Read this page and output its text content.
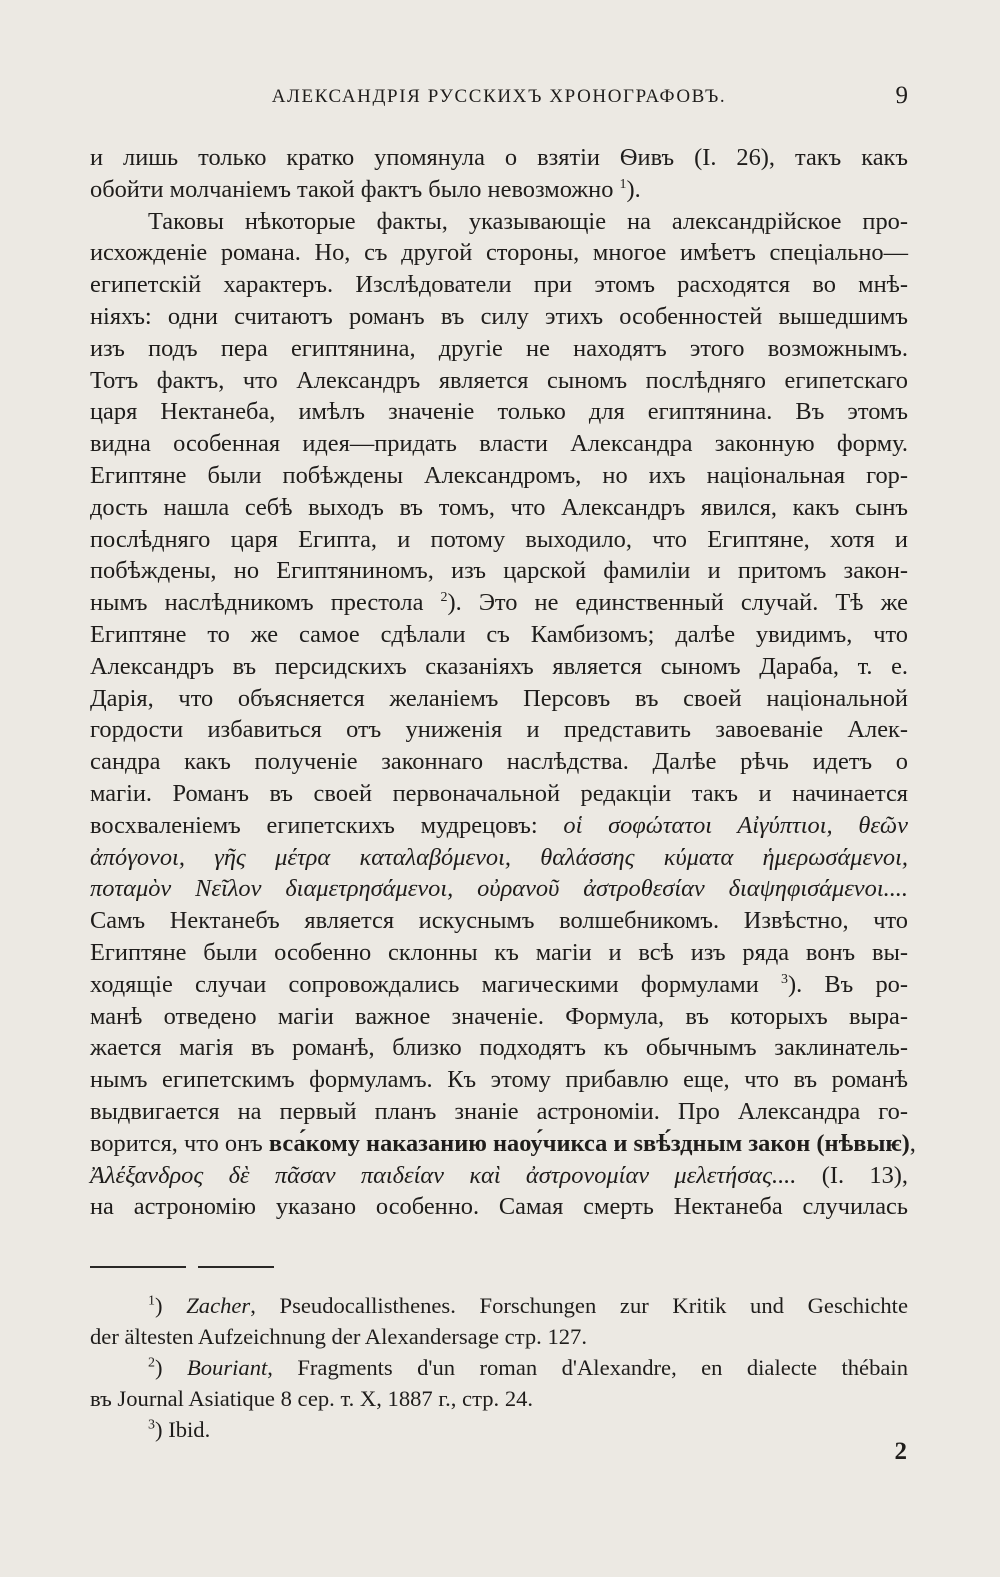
АЛЕКСАНДРІЯ РУССКИХЪ ХРОНОГРАФОВЪ.	9
и лишь только кратко упомянула о взятіи Ѳивъ (I. 26), такъ какъ
обойти молчаніемъ такой фактъ было невозможно $^1$).
Таковы нѣкоторые факты, указывающіе на александрійское про-
исхожденіе романа. Но, съ другой стороны, многое имѣетъ спеціально—
египетскій характеръ. Изслѣдователи при этомъ расходятся во мнѣ-
ніяхъ: одни считаютъ романъ въ силу этихъ особенностей вышедшимъ
изъ подъ пера египтянина, другіе не находятъ этого возможнымъ.
Тотъ фактъ, что Александръ является сыномъ послѣдняго египетскаго
царя Нектанеба, имѣлъ значеніе только для египтянина. Въ этомъ
видна особенная идея—придать власти Александра законную форму.
Египтяне были побѣждены Александромъ, но ихъ національная гор-
дость нашла себѣ выходъ въ томъ, что Александръ явился, какъ сынъ
послѣдняго царя Египта, и потому выходило, что Египтяне, хотя и
побѣждены, но Египтяниномъ, изъ царской фамиліи и притомъ закон-
нымъ наслѣдникомъ престола $^2$). Это не единственный случай. Тѣ же
Египтяне то же самое сдѣлали съ Камбизомъ; далѣе увидимъ, что
Александръ въ персидскихъ сказаніяхъ является сыномъ Дараба, т. е.
Дарія, что объясняется желаніемъ Персовъ въ своей національной
гордости избавиться отъ униженія и представить завоеваніе Алек-
сандра какъ полученіе законнаго наслѣдства. Далѣе рѣчь идетъ о
магіи. Романъ въ своей первоначальной редакціи такъ и начинается
восхваленіемъ египетскихъ мудрецовъ: οἱ σοφώτατοι Αἰγύπτιοι, θεῶν
ἀπόγονοι, γῆς μέτρα καταλαβόμενοι, θαλάσσης κύματα ἡμερωσάμενοι,
ποταμὸν Νεῖλον διαμετρησάμενοι, οὐρανοῦ ἀστροθεσίαν διαψηφισάμενοι....
Самъ Нектанебъ является искуснымъ волшебникомъ. Извѣстно, что
Египтяне были особенно склонны къ магіи и всѣ изъ ряда вонъ вы-
ходящіе случаи сопровождались магическими формулами $^3$). Въ ро-
манѣ отведено магіи важное значеніе. Формула, въ которыхъ выра-
жается магія въ романѣ, близко подходятъ къ обычнымъ заклинатель-
нымъ египетскимъ формуламъ. Къ этому прибавлю еще, что въ романѣ
выдвигается на первый планъ знаніе астрономіи. Про Александра го-
ворится, что онъ вса́кому наказанию наоу́чикса и ѕвѣ́здным закон (нѣвыѥ),
Ἀλέξανδρος δὲ πᾶσαν παιδείαν καὶ ἀστρονομίαν μελετήσας.... (I. 13),
на астрономію указано особенно. Самая смерть Нектанеба случилась
$^1$) Zacher, Pseudocallisthenes. Forschungen zur Kritik und Geschichte
der ältesten Aufzeichnung der Alexandersage стр. 127.
$^2$) Bouriant, Fragments d'un roman d'Alexandre, en dialecte thébain
въ Journal Asiatique 8 сер. т. X, 1887 г., стр. 24.
$^3$) Ibid.
2
